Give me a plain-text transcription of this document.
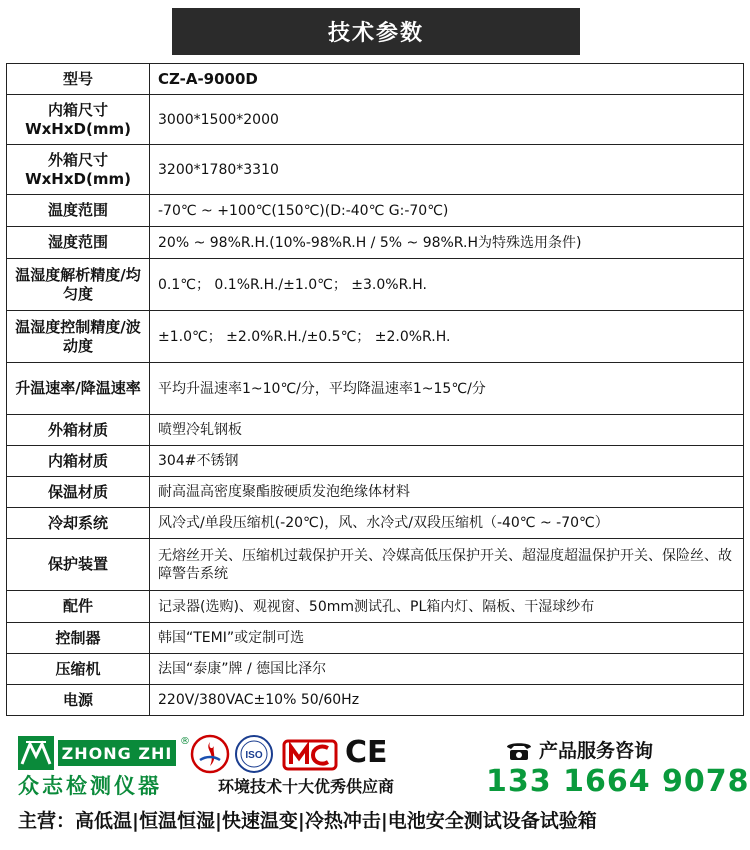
技术参数
型号	CZ-A-9000D
内箱尺寸 WxHxD(mm)	3000*1500*2000
外箱尺寸 WxHxD(mm)	3200*1780*3310
温度范围	-70℃ ~ +100℃(150℃)(D:-40℃ G:-70℃)
湿度范围	20% ~ 98%R.H.(10%-98%R.H / 5% ~ 98%R.H为特殊选用条件)
温湿度解析精度/均匀度	0.1℃； 0.1%R.H./±1.0℃； ±3.0%R.H.
温湿度控制精度/波动度	±1.0℃； ±2.0%R.H./±0.5℃； ±2.0%R.H.
升温速率/降温速率	平均升温速率1~10℃/分，平均降温速率1~15℃/分
外箱材质	喷塑冷轧钢板
内箱材质	304#不锈钢
保温材质	耐高温高密度聚酯胺硬质发泡绝缘体材料
冷却系统	风冷式/单段压缩机(-20℃)，风、水冷式/双段压缩机（-40℃ ~ -70℃）
保护装置	无熔丝开关、压缩机过载保护开关、冷媒高低压保护开关、超湿度超温保护开关、保险丝、故障警告系统
配件	记录器(选购)、观视窗、50mm测试孔、PL箱内灯、隔板、干湿球纱布
控制器	韩国“TEMI”或定制可选
压缩机	法国“泰康”牌 / 德国比泽尔
电源	220V/380VAC±10% 50/60Hz
ZHONG ZHI
®
众志检测仪器
ISO	CE
环境技术十大优秀供应商
产品服务咨询
133 1664 9078
主营：高低温|恒温恒湿|快速温变|冷热冲击|电池安全测试设备试验箱
